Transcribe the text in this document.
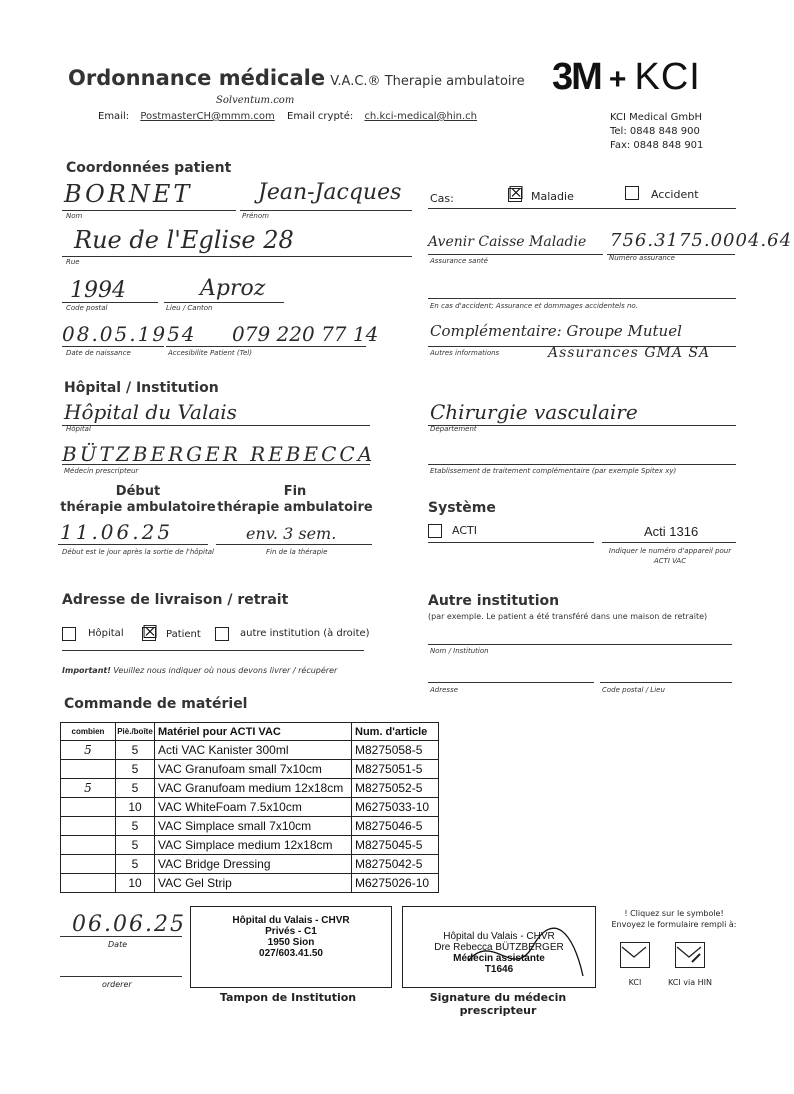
Ordonnance médicale V.A.C.® Therapie ambulatoire
Solventum.com
Email: PostmasterCH@mmm.com Email crypté: ch.kci-medical@hin.ch
3M + KCI
KCI Medical GmbH
Tel: 0848 848 900
Fax: 0848 848 901
Coordonnées patient
BORNET	Jean-Jacques
Nom	Prénom
Rue de l'Eglise 28
Rue
1994	Aproz
Code postal	Lieu / Canton
08.05.1954 079 220 77 14
Date de naissance	Accesibilite Patient (Tel)
Cas:	☒ Maladie	Accident
Avenir Caisse Maladie 756.3175.0004.64
Assurance santé	Numéro assurance
En cas d'accident; Assurance et dommages accidentels no.
Complémentaire: Groupe Mutuel
Assurances GMA SA
Autres informations
Hôpital / Institution
Hôpital du Valais
Hôpital
Chirurgie vasculaire
Département
BÜTZBERGER REBECCA
Médecin prescripteur	Etablissement de traitement complémentaire (par exemple Spitex xy)
Début
thérapie ambulatoire
Fin
thérapie ambulatoire
11.06.25	env. 3 sem.
Début est le jour après la sortie de l'hôpital	Fin de la thérapie
Système
ACTI	Acti 1316
Indiquer le numéro d'appareil pour
ACTI VAC
Adresse de livraison / retrait
Hôpital ☒ Patient	autre institution (à droite)
Important! Veuillez nous indiquer où nous devons livrer / récupérer
Autre institution
(par exemple. Le patient a été transféré dans une maison de retraite)
Nom / Institution
Adresse	Code postal / Lieu
Commande de matériel
combien	Piè./boîte	Matériel pour ACTI VAC	Num. d'article
5	5	Acti VAC Kanister 300ml	M8275058-5
	5	VAC Granufoam small 7x10cm	M8275051-5
5	5	VAC Granufoam medium 12x18cm	M8275052-5
	10	VAC WhiteFoam 7.5x10cm	M6275033-10
	5	VAC Simplace small 7x10cm	M8275046-5
	5	VAC Simplace medium 12x18cm	M8275045-5
	5	VAC Bridge Dressing	M8275042-5
	10	VAC Gel Strip	M6275026-10
06.06.25
Date
orderer
Hôpital du Valais - CHVR
Privés - C1
1950 Sion
027/603.41.50
Tampon de Institution
Hôpital du Valais - CHVR
Dre Rebecca BÜTZBERGER
Médecin assistante
T1646
Signature du médecin prescripteur
! Cliquez sur le symbole!
Envoyez le formulaire rempli à:
KCI	KCI via HIN
